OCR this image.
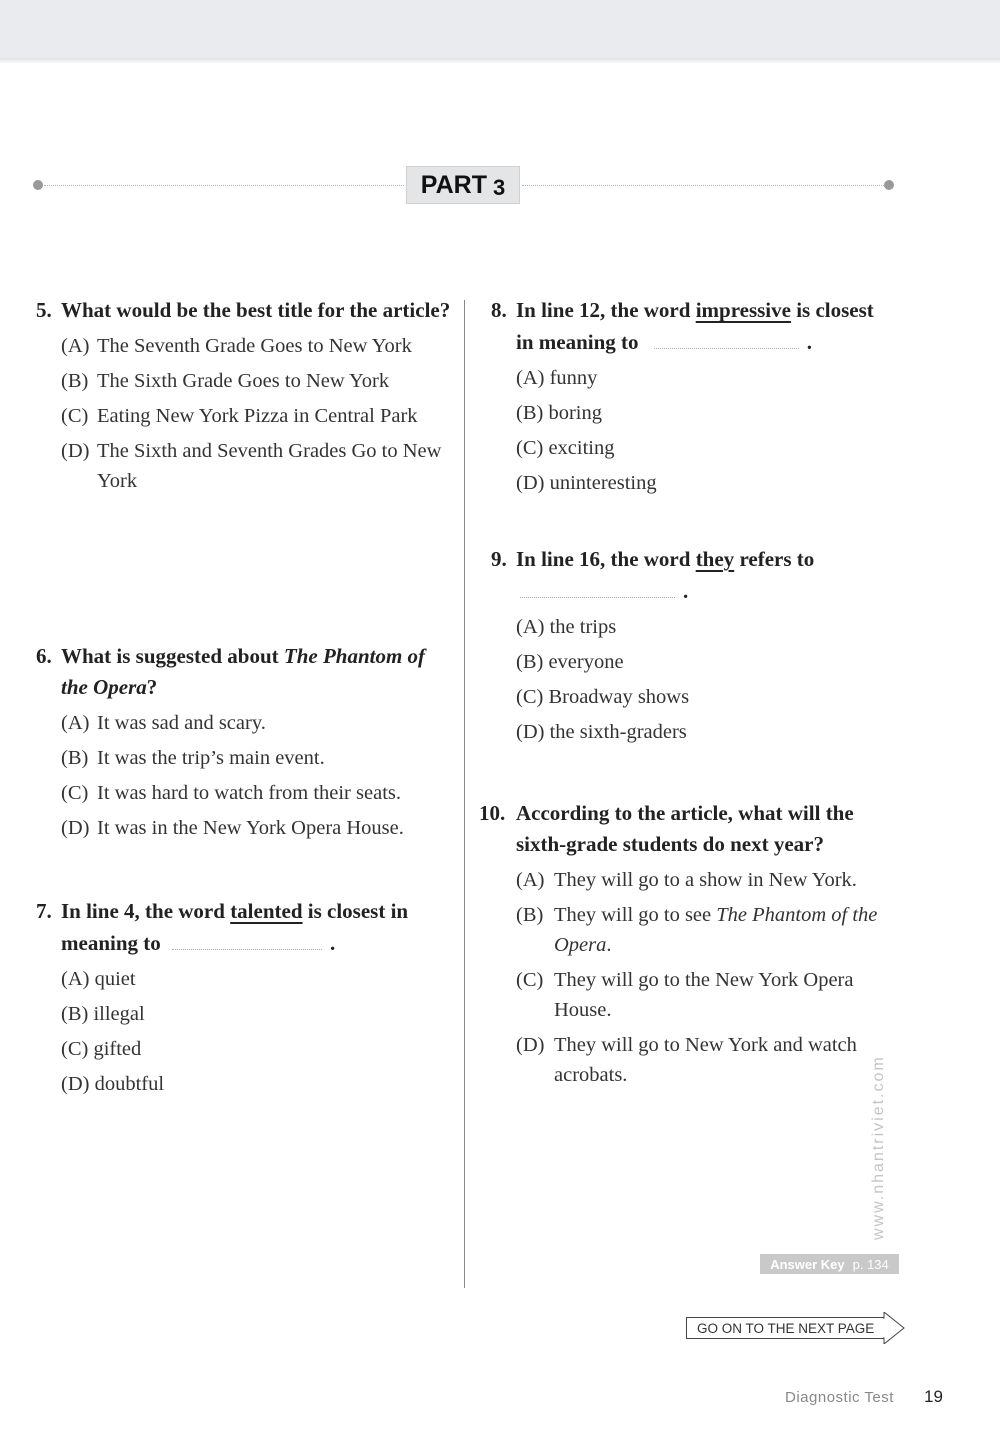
PART 3
5. What would be the best title for the article?
(A) The Seventh Grade Goes to New York
(B) The Sixth Grade Goes to New York
(C) Eating New York Pizza in Central Park
(D) The Sixth and Seventh Grades Go to New York
6. What is suggested about The Phantom of the Opera?
(A) It was sad and scary.
(B) It was the trip’s main event.
(C) It was hard to watch from their seats.
(D) It was in the New York Opera House.
7. In line 4, the word talented is closest in meaning to	.
(A) quiet
(B) illegal
(C) gifted
(D) doubtful
8. In line 12, the word impressive is closest in meaning to	.
(A) funny
(B) boring
(C) exciting
(D) uninteresting
9. In line 16, the word they refers to
.
(A) the trips
(B) everyone
(C) Broadway shows
(D) the sixth-graders
10. According to the article, what will the sixth-grade students do next year?
(A) They will go to a show in New York.
(B) They will go to see The Phantom of the Opera.
(C) They will go to the New York Opera House.
(D) They will go to New York and watch acrobats.
Answer Key p. 134
GO ON TO THE NEXT PAGE
www.nhantriviet.com
Diagnostic Test 19
